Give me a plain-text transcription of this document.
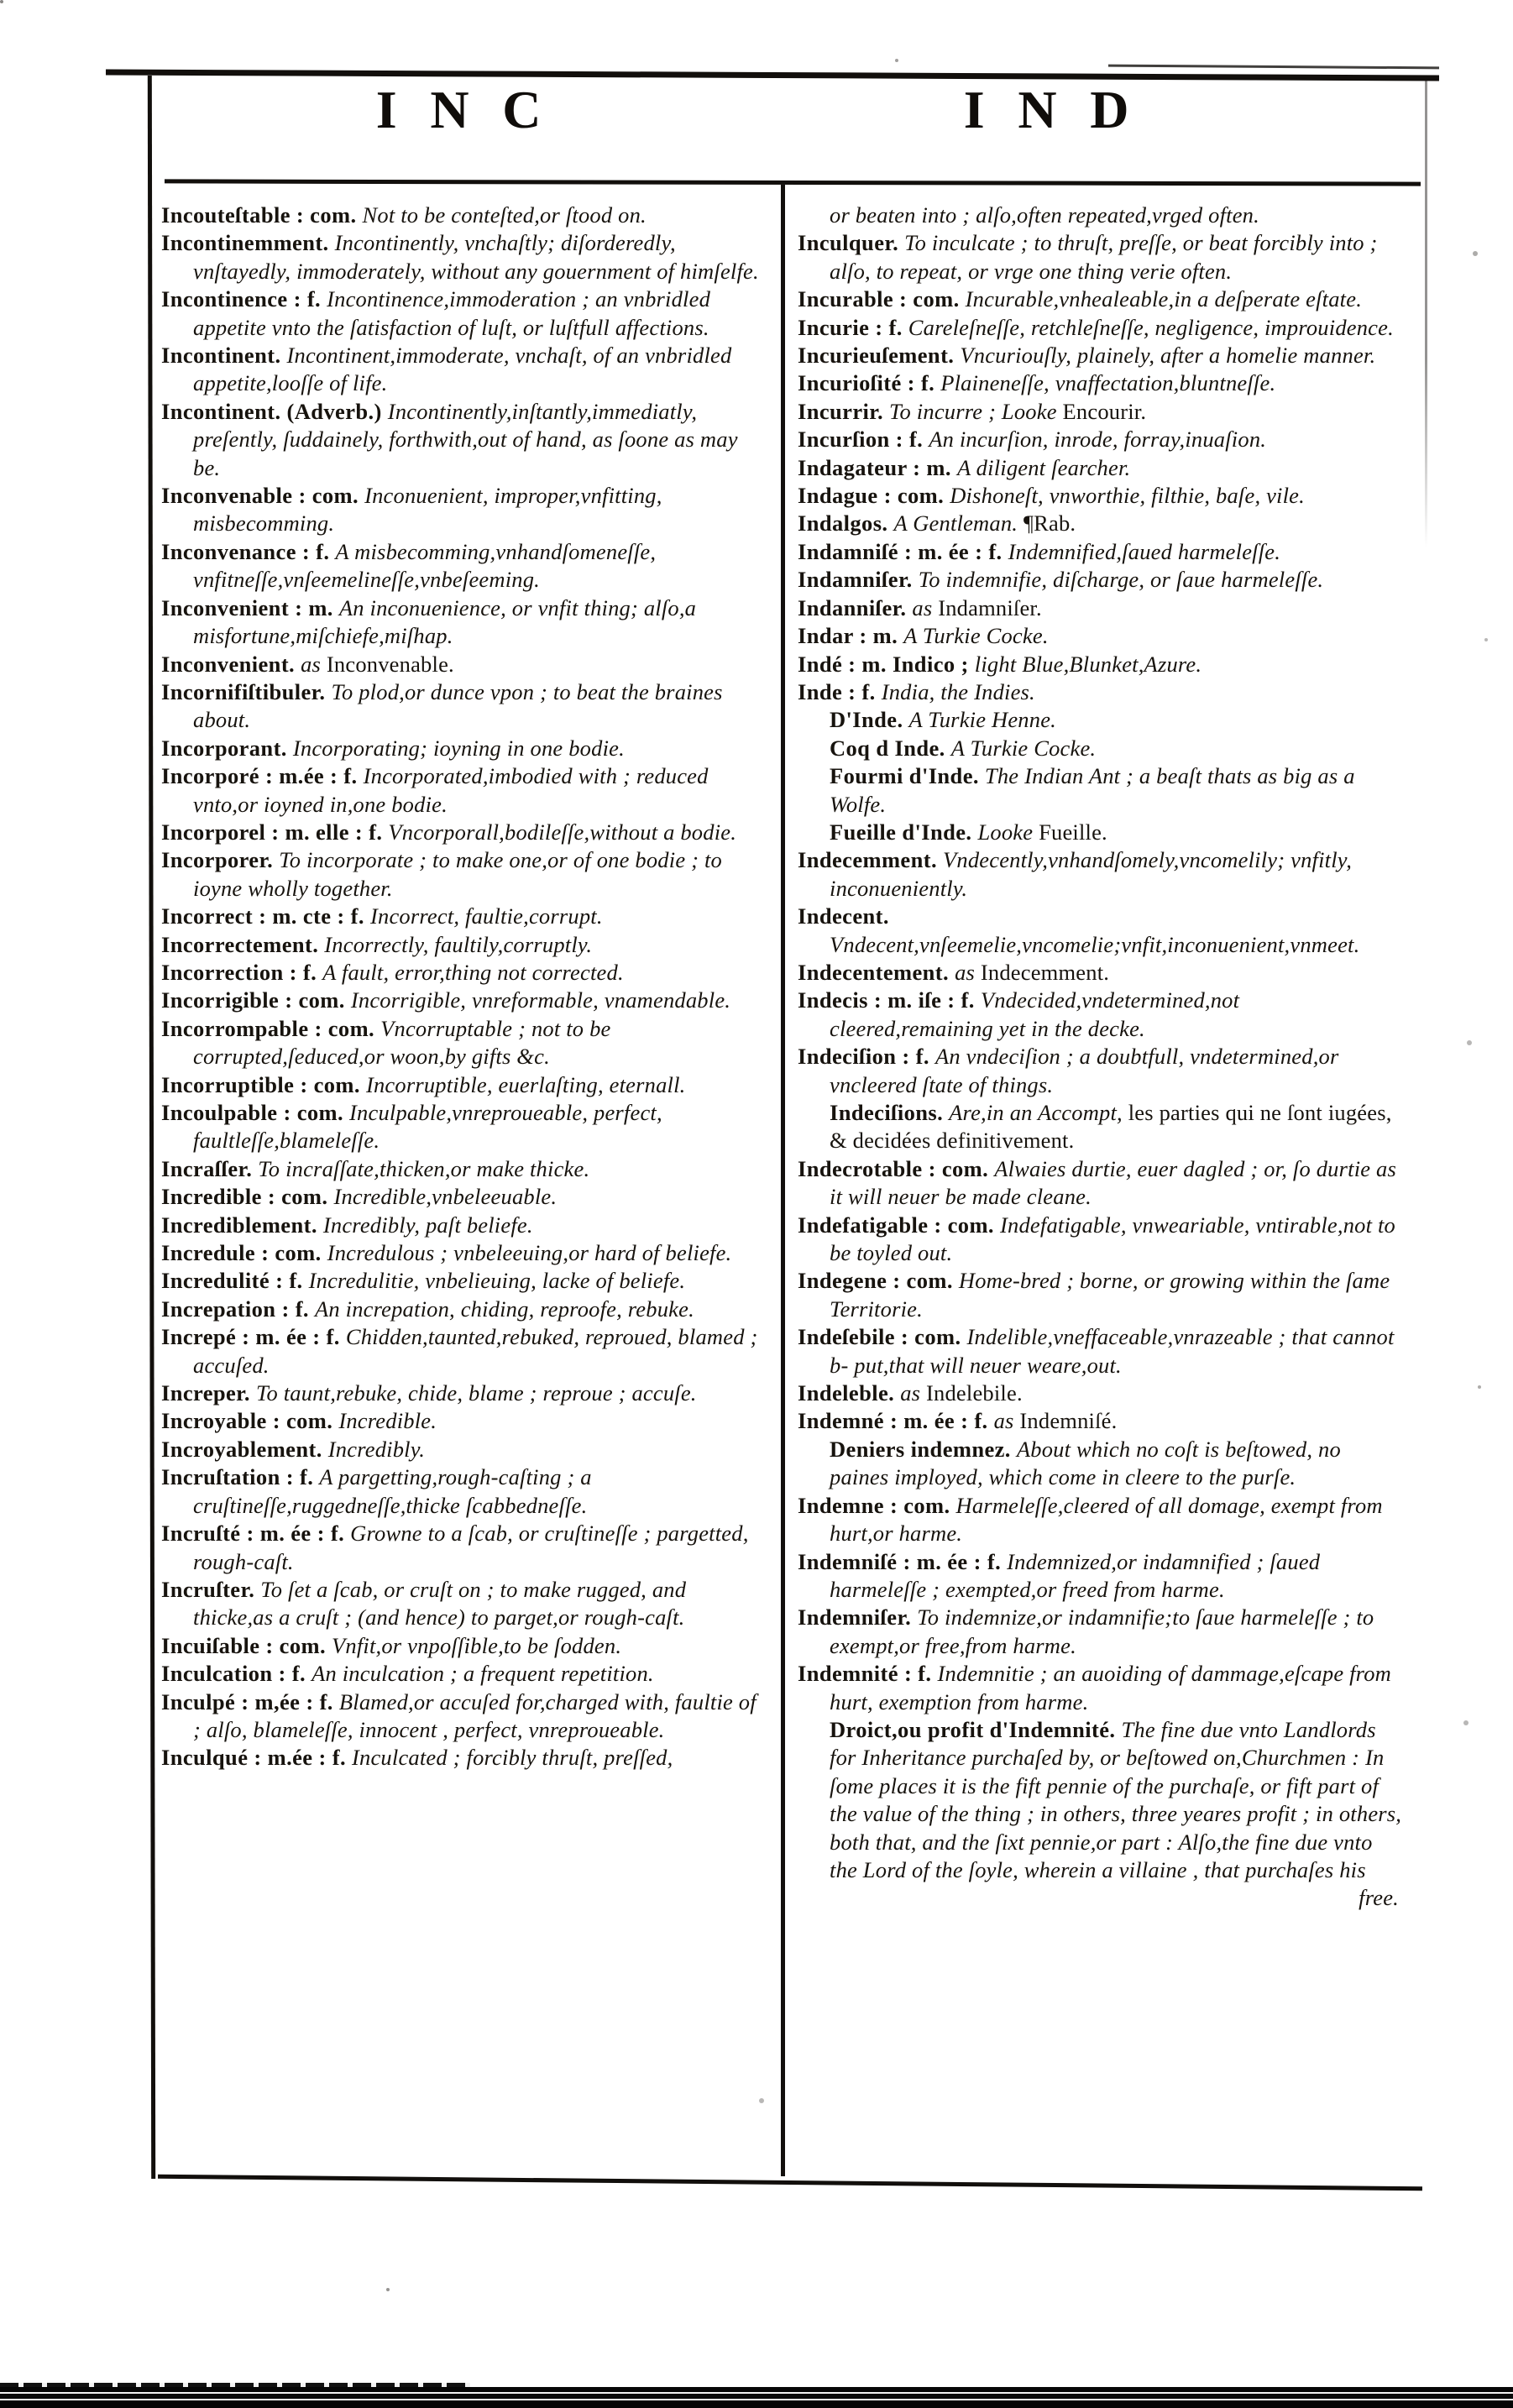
INC	IND

Incouteſtable : com. Not to be conteſted,or ſtood on.

Incontinemment. Incontinently, vnchaſtly; diſorderedly, vnſtayedly, immoderately, without any gouernment of himſelfe.

Incontinence : f. Incontinence,immoderation ; an vnbridled appetite vnto the ſatisfaction of luſt, or luſtfull affections.

Incontinent. Incontinent,immoderate, vnchaſt, of an vnbridled appetite,looſſe of life.

Incontinent. (Adverb.) Incontinently,inſtantly,immediatly, preſently, ſuddainely, forthwith,out of hand, as ſoone as may be.

Inconvenable : com. Inconuenient, improper,vnfitting, misbecomming.

Inconvenance : f. A misbecomming,vnhandſomeneſſe, vnfitneſſe,vnſeemelineſſe,vnbeſeeming.

Inconvenient : m. An inconuenience, or vnfit thing; alſo,a misfortune,miſchiefe,miſhap.

Inconvenient. as Inconvenable.

Incornifiſtibuler. To plod,or dunce vpon ; to beat the braines about.

Incorporant. Incorporating; ioyning in one bodie.

Incorporé : m.ée : f. Incorporated,imbodied with ; reduced vnto,or ioyned in,one bodie.

Incorporel : m. elle : f. Vncorporall,bodileſſe,without a bodie.

Incorporer. To incorporate ; to make one,or of one bodie ; to ioyne wholly together.

Incorrect : m. cte : f. Incorrect, faultie,corrupt.

Incorrectement. Incorrectly, faultily,corruptly.

Incorrection : f. A fault, error,thing not corrected.

Incorrigible : com. Incorrigible, vnreformable, vnamendable.

Incorrompable : com. Vncorruptable ; not to be corrupted,ſeduced,or woon,by gifts &c.

Incorruptible : com. Incorruptible, euerlaſting, eternall.

Incoulpable : com. Inculpable,vnreproueable, perfect, faultleſſe,blameleſſe.

Incraſſer. To incraſſate,thicken,or make thicke.

Incredible : com. Incredible,vnbeleeuable.

Incrediblement. Incredibly, paſt beliefe.

Incredule : com. Incredulous ; vnbeleeuing,or hard of beliefe.

Incredulité : f. Incredulitie, vnbelieuing, lacke of beliefe.

Increpation : f. An increpation, chiding, reproofe, rebuke.

Increpé : m. ée : f. Chidden,taunted,rebuked, reproued, blamed ; accuſed.

Increper. To taunt,rebuke, chide, blame ; reproue ; accuſe.

Incroyable : com. Incredible.

Incroyablement. Incredibly.

Incruſtation : f. A pargetting,rough-caſting ; a cruſtineſſe,ruggedneſſe,thicke ſcabbedneſſe.

Incruſté : m. ée : f. Growne to a ſcab, or cruſtineſſe ; pargetted, rough-caſt.

Incruſter. To ſet a ſcab, or cruſt on ; to make rugged, and thicke,as a cruſt ; (and hence) to parget,or rough-caſt.

Incuiſable : com. Vnfit,or vnpoſſible,to be ſodden.

Inculcation : f. An inculcation ; a frequent repetition.

Inculpé : m,ée : f. Blamed,or accuſed for,charged with, faultie of ; alſo, blameleſſe, innocent , perfect, vnreproueable.

Inculqué : m.ée : f. Inculcated ; forcibly thruſt, preſſed,

or beaten into ; alſo,often repeated,vrged often.

Inculquer. To inculcate ; to thruſt, preſſe, or beat forcibly into ; alſo, to repeat, or vrge one thing verie often.

Incurable : com. Incurable,vnhealeable,in a deſperate eſtate.

Incurie : f. Careleſneſſe, retchleſneſſe, negligence, improuidence.

Incurieuſement. Vncuriouſly, plainely, after a homelie manner.

Incurioſité : f. Plaineneſſe, vnaffectation,bluntneſſe.

Incurrir. To incurre ; Looke Encourir.

Incurſion : f. An incurſion, inrode, forray,inuaſion.

Indagateur : m. A diligent ſearcher.

Indague : com. Dishoneſt, vnworthie, filthie, baſe, vile.

Indalgos. A Gentleman. ¶Rab.

Indamniſé : m. ée : f. Indemnified,ſaued harmeleſſe.

Indamniſer. To indemnifie, diſcharge, or ſaue harmeleſſe.

Indanniſer. as Indamniſer.

Indar : m. A Turkie Cocke.

Indé : m. Indico ; light Blue,Blunket,Azure.

Inde : f. India, the Indies.

D'Inde. A Turkie Henne.

Coq d Inde. A Turkie Cocke.

Fourmi d'Inde. The Indian Ant ; a beaſt thats as big as a Wolfe.

Fueille d'Inde. Looke Fueille.

Indecemment. Vndecently,vnhandſomely,vncomelily; vnfitly, inconueniently.

Indecent. Vndecent,vnſeemelie,vncomelie;vnfit,inconuenient,vnmeet.

Indecentement. as Indecemment.

Indecis : m. iſe : f. Vndecided,vndetermined,not cleered,remaining yet in the decke.

Indeciſion : f. An vndeciſion ; a doubtfull, vndetermined,or vncleered ſtate of things.

Indeciſions. Are,in an Accompt, les parties qui ne ſont iugées, & decidées definitivement.

Indecrotable : com. Alwaies durtie, euer dagled ; or, ſo durtie as it will neuer be made cleane.

Indefatigable : com. Indefatigable, vnweariable, vntirable,not to be toyled out.

Indegene : com. Home-bred ; borne, or growing within the ſame Territorie.

Indeſebile : com. Indelible,vneffaceable,vnrazeable ; that cannot b- put,that will neuer weare,out.

Indeleble. as Indelebile.

Indemné : m. ée : f. as Indemniſé.

Deniers indemnez. About which no coſt is beſtowed, no paines imployed, which come in cleere to the purſe.

Indemne : com. Harmeleſſe,cleered of all domage, exempt from hurt,or harme.

Indemniſé : m. ée : f. Indemnized,or indamnified ; ſaued harmeleſſe ; exempted,or freed from harme.

Indemniſer. To indemnize,or indamnifie;to ſaue harmeleſſe ; to exempt,or free,from harme.

Indemnité : f. Indemnitie ; an auoiding of dammage,eſcape from hurt, exemption from harme.

Droict,ou profit d'Indemnité. The fine due vnto Landlords for Inheritance purchaſed by, or beſtowed on,Churchmen : In ſome places it is the fift pennie of the purchaſe, or fift part of the value of the thing ; in others, three yeares profit ; in others, both that, and the ſixt pennie,or part : Alſo,the fine due vnto the Lord of the ſoyle, wherein a villaine , that purchaſes his

free.
